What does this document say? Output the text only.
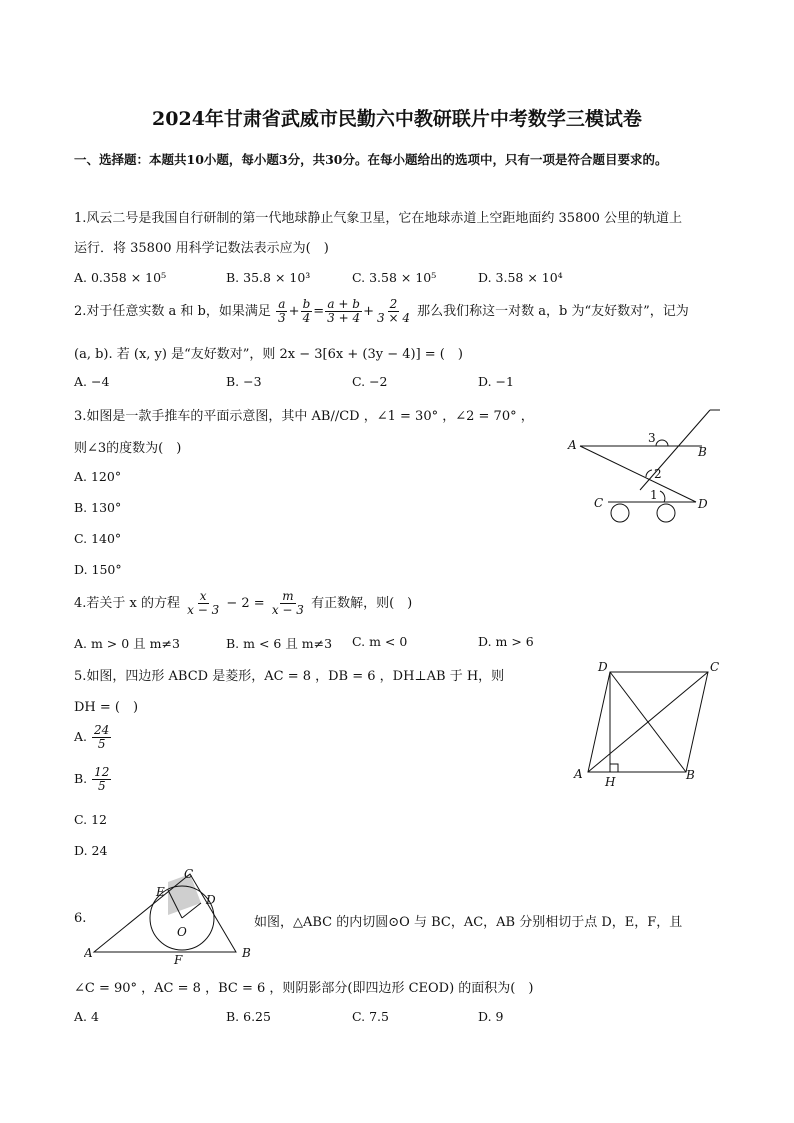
2024年甘肃省武威市民勤六中教研联片中考数学三模试卷
一、选择题：本题共10小题，每小题3分，共30分。在每小题给出的选项中，只有一项是符合题目要求的。
1.风云二号是我国自行研制的第一代地球静止气象卫星，它在地球赤道上空距地面约 35800 公里的轨道上
运行．将 35800 用科学记数法表示应为(　)
A. 0.358 × 10⁵	B. 35.8 × 10³	C. 3.58 × 10⁵	D. 3.58 × 10⁴
2.对于任意实数 a 和 b，如果满足 $\frac{a}{3} + \frac{b}{4} = \frac{a + b}{3 + 4} + \frac{2}{3 \times 4}$ 那么我们称这一对数 a，b 为“友好数对”，记为
(a, b). 若 (x, y) 是“友好数对”，则 2x − 3[6x + (3y − 4)] = (　)
A. −4	B. −3	C. −2	D. −1
3.如图是一款手推车的平面示意图，其中 AB//CD ，∠1 = 30° ，∠2 = 70° ，
则∠3的度数为(　)
A. 120°
B. 130°
C. 140°
D. 150°
A	B
C	D
1
2
3
4.若关于 x 的方程 $\frac{x}{x - 3} - 2 = \frac{m}{x - 3}$ 有正数解，则(　)
A. m > 0 且 m≠3	B. m < 6 且 m≠3 C. m < 0	D. m > 6
5.如图，四边形 ABCD 是菱形，AC = 8 ，DB = 6 ，DH⊥AB 于 H，则
DH = (　)
A. $\frac{24}{5}$
B. $\frac{12}{5}$
C. 12
D. 24
D	C
A
H	B
6.
C
E
D
O
A	F	B
如图，△ABC 的内切圆⊙O 与 BC，AC，AB 分别相切于点 D，E，F，且
∠C = 90° ，AC = 8 ，BC = 6 ，则阴影部分(即四边形 CEOD) 的面积为(　)
A. 4	B. 6.25	C. 7.5	D. 9
